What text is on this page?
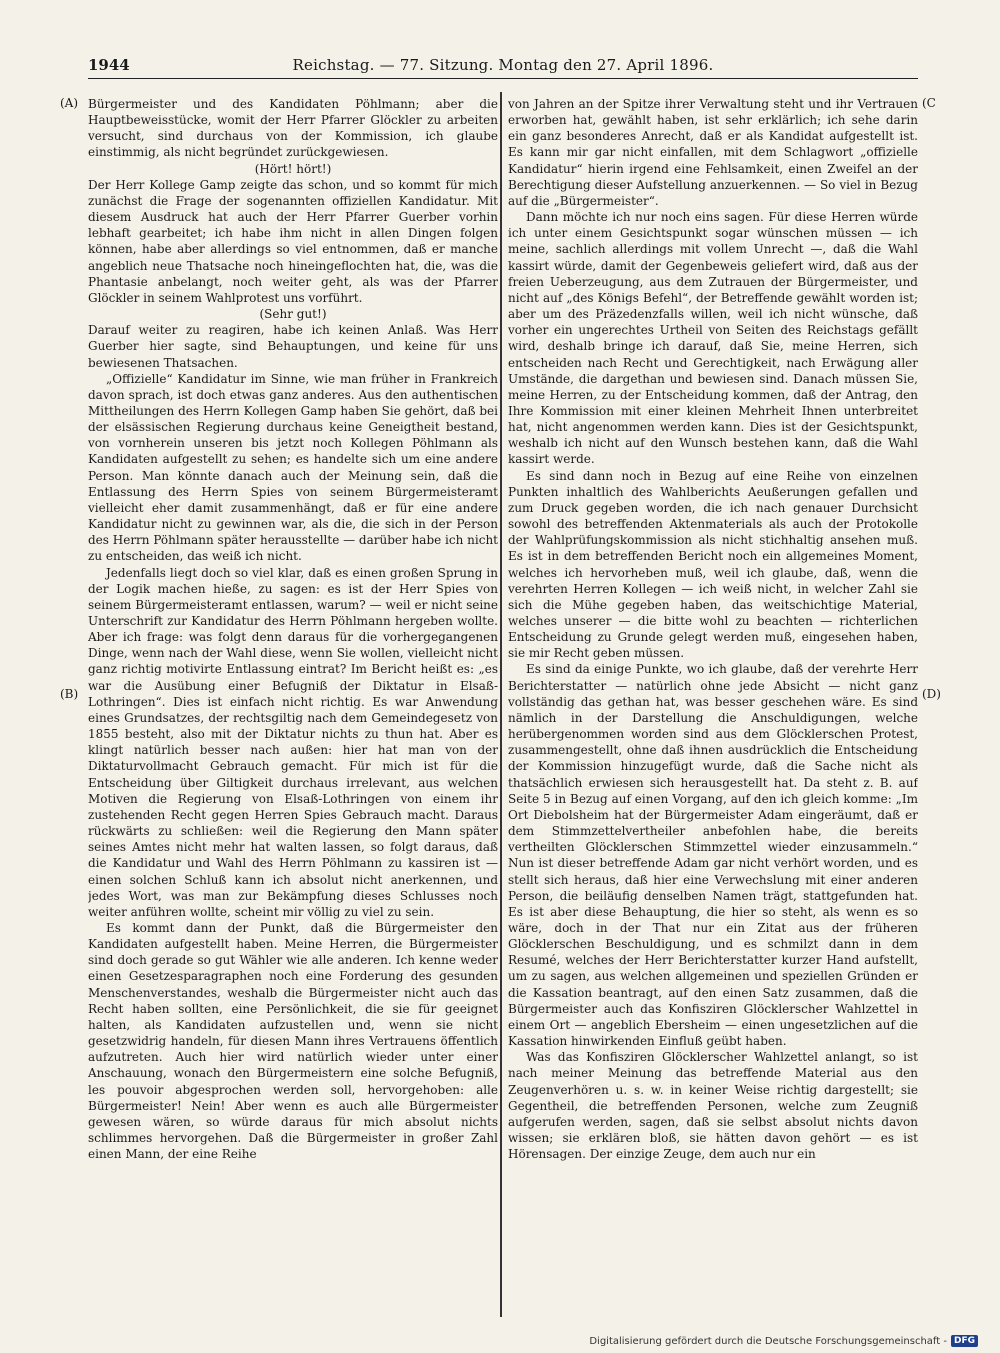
1944	Reichstag. — 77. Sitzung. Montag den 27. April 1896.
(A)
(B)
(C
(D)

Bürgermeister und des Kandidaten Pöhlmann; aber die Hauptbeweisstücke, womit der Herr Pfarrer Glöckler zu arbeiten versucht, sind durchaus von der Kommission, ich glaube einstimmig, als nicht begründet zurückgewiesen.

(Hört! hört!)

Der Herr Kollege Gamp zeigte das schon, und so kommt für mich zunächst die Frage der sogenannten offiziellen Kandidatur. Mit diesem Ausdruck hat auch der Herr Pfarrer Guerber vorhin lebhaft gearbeitet; ich habe ihm nicht in allen Dingen folgen können, habe aber allerdings so viel entnommen, daß er manche angeblich neue Thatsache noch hineingeflochten hat, die, was die Phantasie anbelangt, noch weiter geht, als was der Pfarrer Glöckler in seinem Wahlprotest uns vorführt.

(Sehr gut!)

Darauf weiter zu reagiren, habe ich keinen Anlaß. Was Herr Guerber hier sagte, sind Behauptungen, und keine für uns bewiesenen Thatsachen.

„Offizielle“ Kandidatur im Sinne, wie man früher in Frankreich davon sprach, ist doch etwas ganz anderes. Aus den authentischen Mittheilungen des Herrn Kollegen Gamp haben Sie gehört, daß bei der elsässischen Regierung durchaus keine Geneigtheit bestand, von vornherein unseren bis jetzt noch Kollegen Pöhlmann als Kandidaten aufgestellt zu sehen; es handelte sich um eine andere Person. Man könnte danach auch der Meinung sein, daß die Entlassung des Herrn Spies von seinem Bürgermeisteramt vielleicht eher damit zusammenhängt, daß er für eine andere Kandidatur nicht zu gewinnen war, als die, die sich in der Person des Herrn Pöhlmann später herausstellte — darüber habe ich nicht zu entscheiden, das weiß ich nicht.

Jedenfalls liegt doch so viel klar, daß es einen großen Sprung in der Logik machen hieße, zu sagen: es ist der Herr Spies von seinem Bürgermeisteramt entlassen, warum? — weil er nicht seine Unterschrift zur Kandidatur des Herrn Pöhlmann hergeben wollte. Aber ich frage: was folgt denn daraus für die vorhergegangenen Dinge, wenn nach der Wahl diese, wenn Sie wollen, vielleicht nicht ganz richtig motivirte Entlassung eintrat? Im Bericht heißt es: „es war die Ausübung einer Befugniß der Diktatur in Elsaß-Lothringen“. Dies ist einfach nicht richtig. Es war Anwendung eines Grundsatzes, der rechtsgiltig nach dem Gemeindegesetz von 1855 besteht, also mit der Diktatur nichts zu thun hat. Aber es klingt natürlich besser nach außen: hier hat man von der Diktaturvollmacht Gebrauch gemacht. Für mich ist für die Entscheidung über Giltigkeit durchaus irrelevant, aus welchen Motiven die Regierung von Elsaß-Lothringen von einem ihr zustehenden Recht gegen Herren Spies Gebrauch macht. Daraus rückwärts zu schließen: weil die Regierung den Mann später seines Amtes nicht mehr hat walten lassen, so folgt daraus, daß die Kandidatur und Wahl des Herrn Pöhlmann zu kassiren ist — einen solchen Schluß kann ich absolut nicht anerkennen, und jedes Wort, was man zur Bekämpfung dieses Schlusses noch weiter anführen wollte, scheint mir völlig zu viel zu sein.

Es kommt dann der Punkt, daß die Bürgermeister den Kandidaten aufgestellt haben. Meine Herren, die Bürgermeister sind doch gerade so gut Wähler wie alle anderen. Ich kenne weder einen Gesetzesparagraphen noch eine Forderung des gesunden Menschenverstandes, weshalb die Bürgermeister nicht auch das Recht haben sollten, eine Persönlichkeit, die sie für geeignet halten, als Kandidaten aufzustellen und, wenn sie nicht gesetzwidrig handeln, für diesen Mann ihres Vertrauens öffentlich aufzutreten. Auch hier wird natürlich wieder unter einer Anschauung, wonach den Bürgermeistern eine solche Befugniß, les pouvoir abgesprochen werden soll, hervorgehoben: alle Bürgermeister! Nein! Aber wenn es auch alle Bürgermeister gewesen wären, so würde daraus für mich absolut nichts schlimmes hervorgehen. Daß die Bürgermeister in großer Zahl einen Mann, der eine Reihe

von Jahren an der Spitze ihrer Verwaltung steht und ihr Vertrauen erworben hat, gewählt haben, ist sehr erklärlich; ich sehe darin ein ganz besonderes Anrecht, daß er als Kandidat aufgestellt ist. Es kann mir gar nicht einfallen, mit dem Schlagwort „offizielle Kandidatur“ hierin irgend eine Fehlsamkeit, einen Zweifel an der Berechtigung dieser Aufstellung anzuerkennen. — So viel in Bezug auf die „Bürgermeister“.

Dann möchte ich nur noch eins sagen. Für diese Herren würde ich unter einem Gesichtspunkt sogar wünschen müssen — ich meine, sachlich allerdings mit vollem Unrecht —, daß die Wahl kassirt würde, damit der Gegenbeweis geliefert wird, daß aus der freien Ueberzeugung, aus dem Zutrauen der Bürgermeister, und nicht auf „des Königs Befehl“, der Betreffende gewählt worden ist; aber um des Präzedenzfalls willen, weil ich nicht wünsche, daß vorher ein ungerechtes Urtheil von Seiten des Reichstags gefällt wird, deshalb bringe ich darauf, daß Sie, meine Herren, sich entscheiden nach Recht und Gerechtigkeit, nach Erwägung aller Umstände, die dargethan und bewiesen sind. Danach müssen Sie, meine Herren, zu der Entscheidung kommen, daß der Antrag, den Ihre Kommission mit einer kleinen Mehrheit Ihnen unterbreitet hat, nicht angenommen werden kann. Dies ist der Gesichtspunkt, weshalb ich nicht auf den Wunsch bestehen kann, daß die Wahl kassirt werde.

Es sind dann noch in Bezug auf eine Reihe von einzelnen Punkten inhaltlich des Wahlberichts Aeußerungen gefallen und zum Druck gegeben worden, die ich nach genauer Durchsicht sowohl des betreffenden Aktenmaterials als auch der Protokolle der Wahlprüfungskommission als nicht stichhaltig ansehen muß. Es ist in dem betreffenden Bericht noch ein allgemeines Moment, welches ich hervorheben muß, weil ich glaube, daß, wenn die verehrten Herren Kollegen — ich weiß nicht, in welcher Zahl sie sich die Mühe gegeben haben, das weitschichtige Material, welches unserer — die bitte wohl zu beachten — richterlichen Entscheidung zu Grunde gelegt werden muß, eingesehen haben, sie mir Recht geben müssen.

Es sind da einige Punkte, wo ich glaube, daß der verehrte Herr Berichterstatter — natürlich ohne jede Absicht — nicht ganz vollständig das gethan hat, was besser geschehen wäre. Es sind nämlich in der Darstellung die Anschuldigungen, welche herübergenommen worden sind aus dem Glöcklerschen Protest, zusammengestellt, ohne daß ihnen ausdrücklich die Entscheidung der Kommission hinzugefügt wurde, daß die Sache nicht als thatsächlich erwiesen sich herausgestellt hat. Da steht z. B. auf Seite 5 in Bezug auf einen Vorgang, auf den ich gleich komme: „Im Ort Diebolsheim hat der Bürgermeister Adam eingeräumt, daß er dem Stimmzettelvertheiler anbefohlen habe, die bereits vertheilten Glöcklerschen Stimmzettel wieder einzusammeln.“ Nun ist dieser betreffende Adam gar nicht verhört worden, und es stellt sich heraus, daß hier eine Verwechslung mit einer anderen Person, die beiläufig denselben Namen trägt, stattgefunden hat. Es ist aber diese Behauptung, die hier so steht, als wenn es so wäre, doch in der That nur ein Zitat aus der früheren Glöcklerschen Beschuldigung, und es schmilzt dann in dem Resumé, welches der Herr Berichterstatter kurzer Hand aufstellt, um zu sagen, aus welchen allgemeinen und speziellen Gründen er die Kassation beantragt, auf den einen Satz zusammen, daß die Bürgermeister auch das Konfisziren Glöcklerscher Wahlzettel in einem Ort — angeblich Ebersheim — einen ungesetzlichen auf die Kassation hinwirkenden Einfluß geübt haben.

Was das Konfisziren Glöcklerscher Wahlzettel anlangt, so ist nach meiner Meinung das betreffende Material aus den Zeugenverhören u. s. w. in keiner Weise richtig dargestellt; sie Gegentheil, die betreffenden Personen, welche zum Zeugniß aufgerufen werden, sagen, daß sie selbst absolut nichts davon wissen; sie erklären bloß, sie hätten davon gehört — es ist Hörensagen. Der einzige Zeuge, dem auch nur ein

Digitalisierung gefördert durch die Deutsche Forschungsgemeinschaft - DFG
